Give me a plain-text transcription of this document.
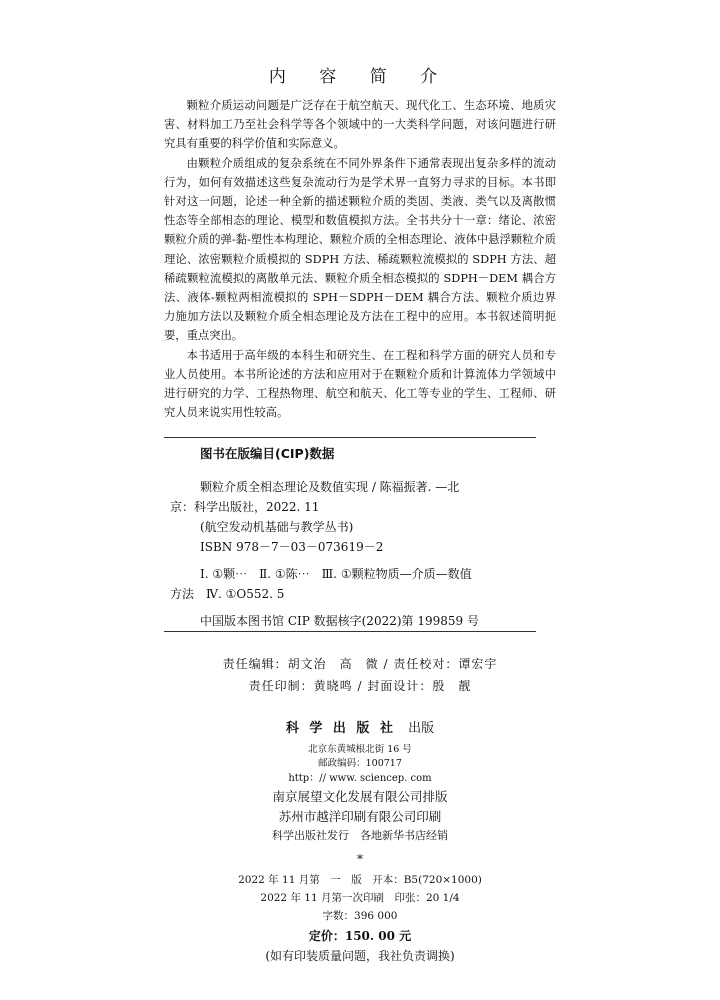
内 容 简 介

颗粒介质运动问题是广泛存在于航空航天、现代化工、生态环境、地质灾害、材料加工乃至社会科学等各个领域中的一大类科学问题，对该问题进行研究具有重要的科学价值和实际意义。

由颗粒介质组成的复杂系统在不同外界条件下通常表现出复杂多样的流动行为，如何有效描述这些复杂流动行为是学术界一直努力寻求的目标。本书即针对这一问题，论述一种全新的描述颗粒介质的类固、类液、类气以及离散惯性态等全部相态的理论、模型和数值模拟方法。全书共分十一章：绪论、浓密颗粒介质的弹-黏-塑性本构理论、颗粒介质的全相态理论、液体中悬浮颗粒介质理论、浓密颗粒介质模拟的 SDPH 方法、稀疏颗粒流模拟的 SDPH 方法、超稀疏颗粒流模拟的离散单元法、颗粒介质全相态模拟的 SDPH－DEM 耦合方法、液体-颗粒两相流模拟的 SPH－SDPH－DEM 耦合方法、颗粒介质边界力施加方法以及颗粒介质全相态理论及方法在工程中的应用。本书叙述简明扼要，重点突出。

本书适用于高年级的本科生和研究生、在工程和科学方面的研究人员和专业人员使用。本书所论述的方法和应用对于在颗粒介质和计算流体力学领域中进行研究的力学、工程热物理、航空和航天、化工等专业的学生、工程师、研究人员来说实用性较高。

图书在版编目(CIP)数据
颗粒介质全相态理论及数值实现 / 陈福振著. —北
京：科学出版社，2022. 11
(航空发动机基础与教学丛书)
ISBN 978－7－03－073619－2
Ⅰ. ①颗⋯　Ⅱ. ①陈⋯　Ⅲ. ①颗粒物质—介质—数值
方法　Ⅳ. ①O552. 5
中国版本图书馆 CIP 数据核字(2022)第 199859 号
责任编辑：胡文治　高　微 / 责任校对：谭宏宇
责任印制：黄晓鸣 / 封面设计：殷　靓
科 学 出 版 社 出版
北京东黄城根北街 16 号
邮政编码：100717
http：// www. sciencep. com
南京展望文化发展有限公司排版
苏州市越洋印刷有限公司印刷
科学出版社发行　各地新华书店经销
*
2022 年 11 月第　一　版　开本：B5(720×1000)
2022 年 11 月第一次印刷　印张：20 1/4
字数：396 000
定价：150. 00 元
(如有印装质量问题，我社负责调换)
